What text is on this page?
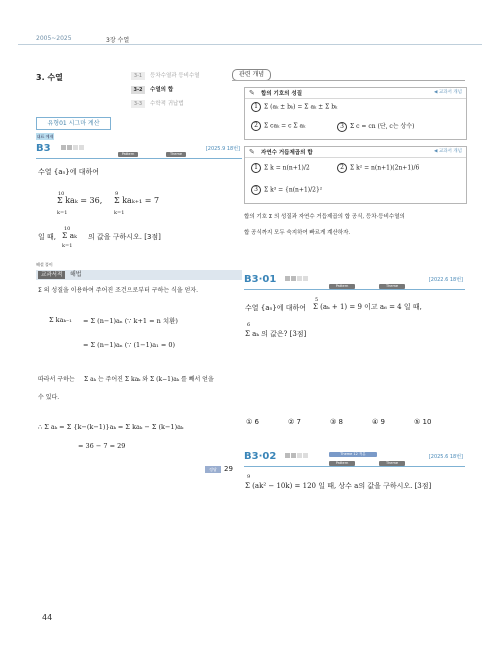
2005~2025	3장 수열
3. 수열	3-1 등차수열과 등비수열
3-2 수열의 합
3-3 수학적 귀납법
유형01 시그마 계산
대표 예제
B3	Pattern	Theme
[2025.9 18번]
수열 {aₙ}에 대하여
10
k=1
Σ kaₖ = 36,
9
k=1
Σ kaₖ₊₁ = 7
일 때,
10
k=1
Σ aₖ 의 값을 구하시오. [3점]
해설 풀이
교과서적	해법
Σ 의 성질을 이용하여 주어진 조건으로부터 구하는 식을 얻자.
Σ kaₖ₋₁ = Σ (n−1)aₙ (∵ k+1 = n 치환)
= Σ (n−1)aₙ (∵ (1−1)a₁ = 0)
따라서 구하는 Σ aₖ 는 주어진 Σ kaₖ 와 Σ (k−1)aₖ 를 빼서 얻을
수 있다.
∴ Σ aₖ = Σ {k−(k−1)}aₖ = Σ kaₖ − Σ (k−1)aₖ
= 36 − 7 = 29
정답	29
관련 개념
✎ 합의 기호의 성질	◀ 교과서 개념
1 Σ (aₖ ± bₖ) = Σ aₖ ± Σ bₖ
2 Σ caₖ = c Σ aₖ	3 Σ c = cn (단, c는 상수)
✎ 자연수 거듭제곱의 합	◀ 교과서 개념
1 Σ k = n(n+1)/2	2 Σ k² = n(n+1)(2n+1)/6
3 Σ k³ = {n(n+1)/2}²
합의 기호 Σ 의 성질과 자연수 거듭제곱의 합 공식, 등차·등비수열의
합 공식까지 모두 숙지하여 빠르게 계산하자.
B3·01
Pattern	Theme
[2022.6 18번]
수열 {aₙ}에 대하여
5
Σ (aₖ + 1) = 9 이고 a₆ = 4 일 때,
6
Σ aₖ 의 값은? [3점]
① 6	② 7	③ 8	④ 9	⑤ 10
B3·02	Theme 12 적분
Pattern	Theme
[2025.6 18번]
9
Σ (ak² − 10k) = 120 일 때, 상수 a의 값을 구하시오. [3점]
44
